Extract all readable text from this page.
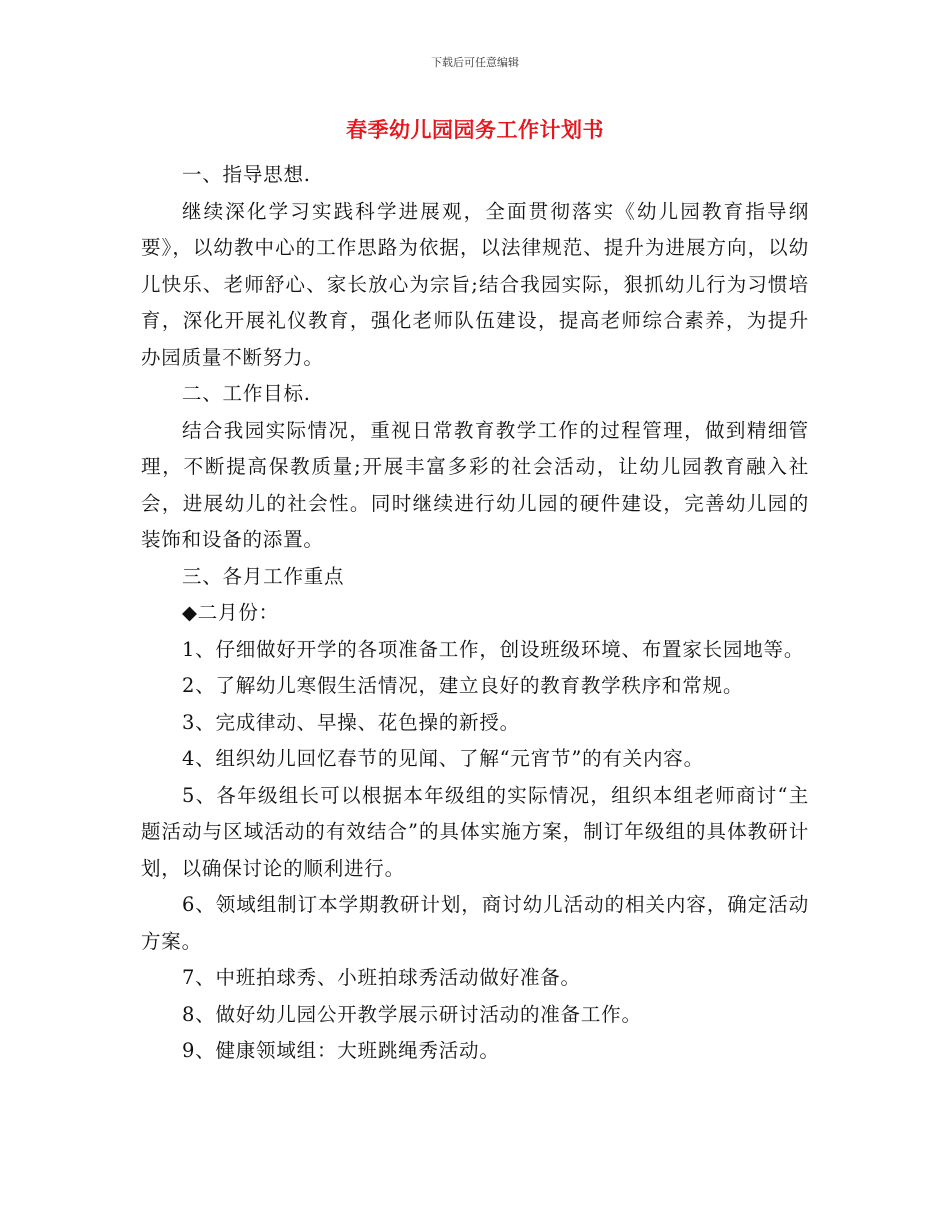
下载后可任意编辑
春季幼儿园园务工作计划书

一、指导思想.

继续深化学习实践科学进展观，全面贯彻落实《幼儿园教育指导纲要》，以幼教中心的工作思路为依据，以法律规范、提升为进展方向，以幼儿快乐、老师舒心、家长放心为宗旨;结合我园实际，狠抓幼儿行为习惯培育，深化开展礼仪教育，强化老师队伍建设，提高老师综合素养，为提升办园质量不断努力。

二、工作目标.

结合我园实际情况，重视日常教育教学工作的过程管理，做到精细管理，不断提高保教质量;开展丰富多彩的社会活动，让幼儿园教育融入社会，进展幼儿的社会性。同时继续进行幼儿园的硬件建设，完善幼儿园的装饰和设备的添置。

三、各月工作重点

◆二月份：

1、仔细做好开学的各项准备工作，创设班级环境、布置家长园地等。

2、了解幼儿寒假生活情况，建立良好的教育教学秩序和常规。

3、完成律动、早操、花色操的新授。

4、组织幼儿回忆春节的见闻、了解“元宵节”的有关内容。

5、各年级组长可以根据本年级组的实际情况，组织本组老师商讨“主题活动与区域活动的有效结合”的具体实施方案，制订年级组的具体教研计划，以确保讨论的顺利进行。

6、领域组制订本学期教研计划，商讨幼儿活动的相关内容，确定活动方案。

7、中班拍球秀、小班拍球秀活动做好准备。

8、做好幼儿园公开教学展示研讨活动的准备工作。

9、健康领域组：大班跳绳秀活动。
